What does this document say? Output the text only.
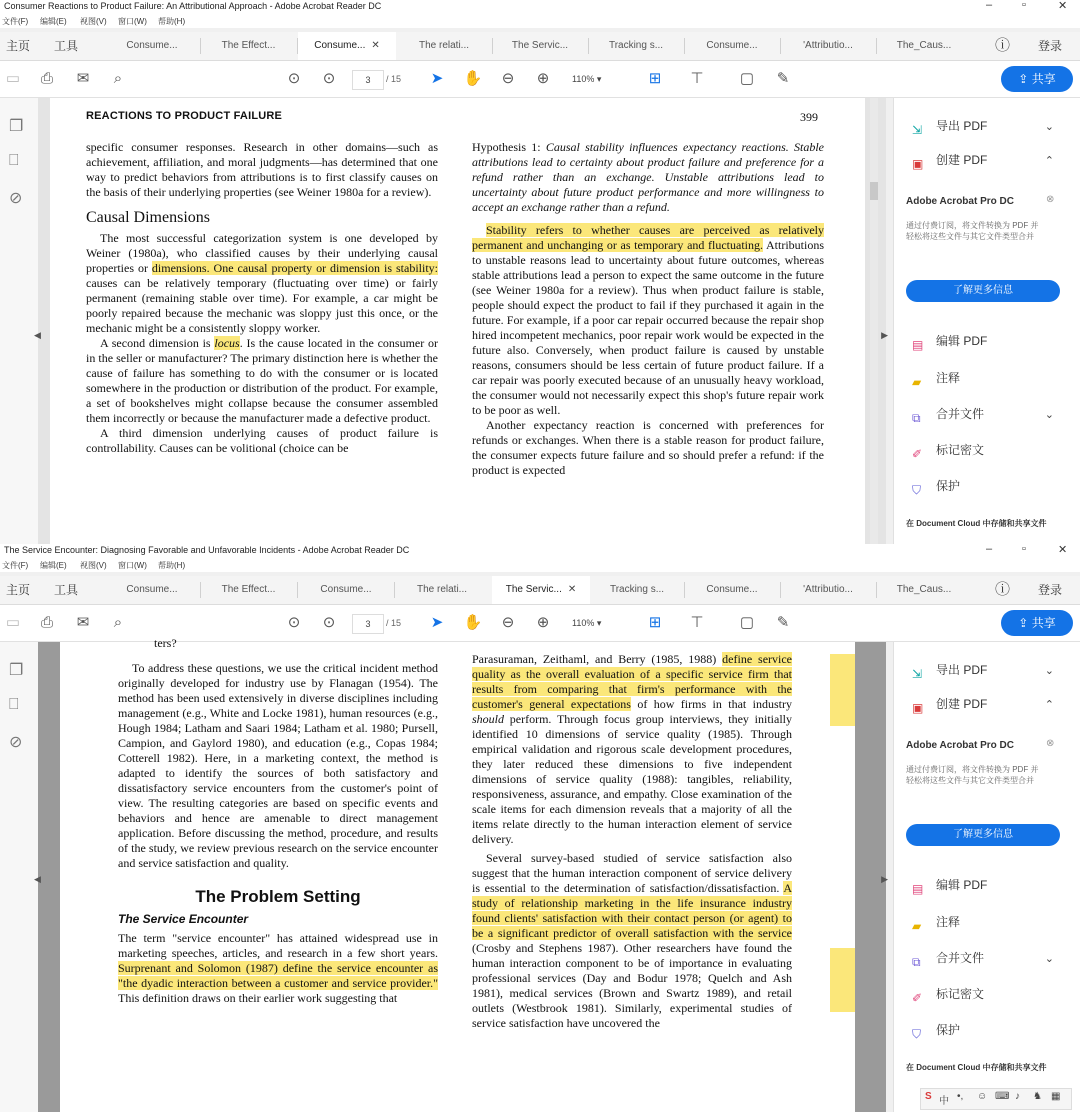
Consumer Reactions to Product Failure: An Attributional Approach - Adobe Acrobat Reader DC	–	▫	✕
文件(F) 编辑(E) 视图(V) 窗口(W) 帮助(H)
主页 工具	Consume...	The Effect...	Consume... ✕	The relati...	The Servic...	Tracking s...	Consume...	'Attributio...	The_Caus...	ⓘ 登录
▭	⎙	✉	⌕	⊙	⊙	3	/ 15	➤	✋	⊖	⊕	110% ▾	⊞	⊤ ▢	✎	⇪ 共享
❐
⎕
⊘
◀
REACTIONS TO PRODUCT FAILURE	399

specific consumer responses. Research in other domains—such as achievement, affiliation, and moral judgments—has determined that one way to predict behaviors from attributions is to first classify causes on the basis of their underlying properties (see Weiner 1980a for a review).

Causal Dimensions

The most successful categorization system is one developed by Weiner (1980a), who classified causes by their underlying causal properties or dimensions. One causal property or dimension is stability: causes can be relatively temporary (fluctuating over time) or fairly permanent (remaining stable over time). For example, a car might be poorly repaired because the mechanic was sloppy just this once, or the mechanic might be a consistently sloppy worker.

A second dimension is locus. Is the cause located in the consumer or in the seller or manufacturer? The primary distinction here is whether the cause of failure has something to do with the consumer or is located somewhere in the production or distribution of the product. For example, a set of bookshelves might collapse because the consumer assembled them incorrectly or because the manufacturer made a defective product.

A third dimension underlying causes of product failure is controllability. Causes can be volitional (choice can be

Hypothesis 1: Causal stability influences expectancy reactions. Stable attributions lead to certainty about product failure and preference for a refund rather than an exchange. Unstable attributions lead to uncertainty about future product performance and more willingness to accept an exchange rather than a refund.

Stability refers to whether causes are perceived as relatively permanent and unchanging or as temporary and fluctuating. Attributions to unstable reasons lead to uncertainty about future outcomes, whereas stable attributions lead a person to expect the same outcome in the future (see Weiner 1980a for a review). Thus when product failure is stable, people should expect the product to fail if they purchased it again in the future. For example, if a poor car repair occurred because the repair shop hired incompetent mechanics, poor repair work would be expected in the future also. Conversely, when product failure is caused by unstable reasons, consumers should be less certain of future product failure. If a car repair was poorly executed because of an unusually heavy workload, the consumer would not necessarily expect this shop's future repair work to be poor as well.

Another expectancy reaction is concerned with preferences for refunds or exchanges. When there is a stable reason for product failure, the consumer expects future failure and so should prefer a refund: if the product is expected

▶
⇲ 导出 PDF	⌄
▣ 创建 PDF	⌃
Adobe Acrobat Pro DC	⊗
通过付费订阅，将文件转换为 PDF 并轻松将这些文件与其它文件类型合并
了解更多信息
▤ 编辑 PDF
▰ 注释
⧉ 合并文件	⌄
✐ 标记密文
⛉ 保护
在 Document Cloud 中存储和共享文件
The Service Encounter: Diagnosing Favorable and Unfavorable Incidents - Adobe Acrobat Reader DC	–	▫	✕
文件(F) 编辑(E) 视图(V) 窗口(W) 帮助(H)
主页 工具	Consume...	The Effect...	Consume...	The relati...	The Servic... ✕	Tracking s...	Consume...	'Attributio...	The_Caus...	ⓘ 登录
▭	⎙	✉	⌕	⊙	⊙	3	/ 15	➤	✋	⊖	⊕	110% ▾	⊞	⊤ ▢	✎	⇪ 共享
❐
⎕
⊘
◀

ters?

To address these questions, we use the critical incident method originally developed for industry use by Flanagan (1954). The method has been used extensively in diverse disciplines including management (e.g., White and Locke 1981), human resources (e.g., Hough 1984; Latham and Saari 1984; Latham et al. 1980; Pursell, Campion, and Gaylord 1980), and education (e.g., Copas 1984; Cotterell 1982). Here, in a marketing context, the method is adapted to identify the sources of both satisfactory and dissatisfactory service encounters from the customer's point of view. The resulting categories are based on specific events and behaviors and hence are amenable to direct management application. Before discussing the method, procedure, and results of the study, we review previous research on the service encounter and service satisfaction and quality.

The Problem Setting
The Service Encounter

The term "service encounter" has attained widespread use in marketing speeches, articles, and research in a few short years. Surprenant and Solomon (1987) define the service encounter as "the dyadic interaction between a customer and service provider." This definition draws on their earlier work suggesting that

Parasuraman, Zeithaml, and Berry (1985, 1988) define service quality as the overall evaluation of a specific service firm that results from comparing that firm's performance with the customer's general expectations of how firms in that industry should perform. Through focus group interviews, they initially identified 10 dimensions of service quality (1985). Through empirical validation and rigorous scale development procedures, they later reduced these dimensions to five independent dimensions of service quality (1988): tangibles, reliability, responsiveness, assurance, and empathy. Close examination of the scale items for each dimension reveals that a majority of all the items relate directly to the human interaction element of service delivery.

Several survey-based studied of service satisfaction also suggest that the human interaction component of service delivery is essential to the determination of satisfaction/dissatisfaction. A study of relationship marketing in the life insurance industry found clients' satisfaction with their contact person (or agent) to be a significant predictor of overall satisfaction with the service (Crosby and Stephens 1987). Other researchers have found the human interaction component to be of importance in evaluating professional services (Day and Bodur 1978; Quelch and Ash 1981), medical services (Brown and Swartz 1989), and retail outlets (Westbrook 1981). Similarly, experimental studies of service satisfaction have uncovered the

▶
⇲ 导出 PDF	⌄
▣ 创建 PDF	⌃
Adobe Acrobat Pro DC	⊗
通过付费订阅，将文件转换为 PDF 并轻松将这些文件与其它文件类型合并
了解更多信息
▤ 编辑 PDF
▰ 注释
⧉ 合并文件	⌄
✐ 标记密文
⛉ 保护
在 Document Cloud 中存储和共享文件
S 中 •, ☺ ⌨ ♪ ♞ ▦
